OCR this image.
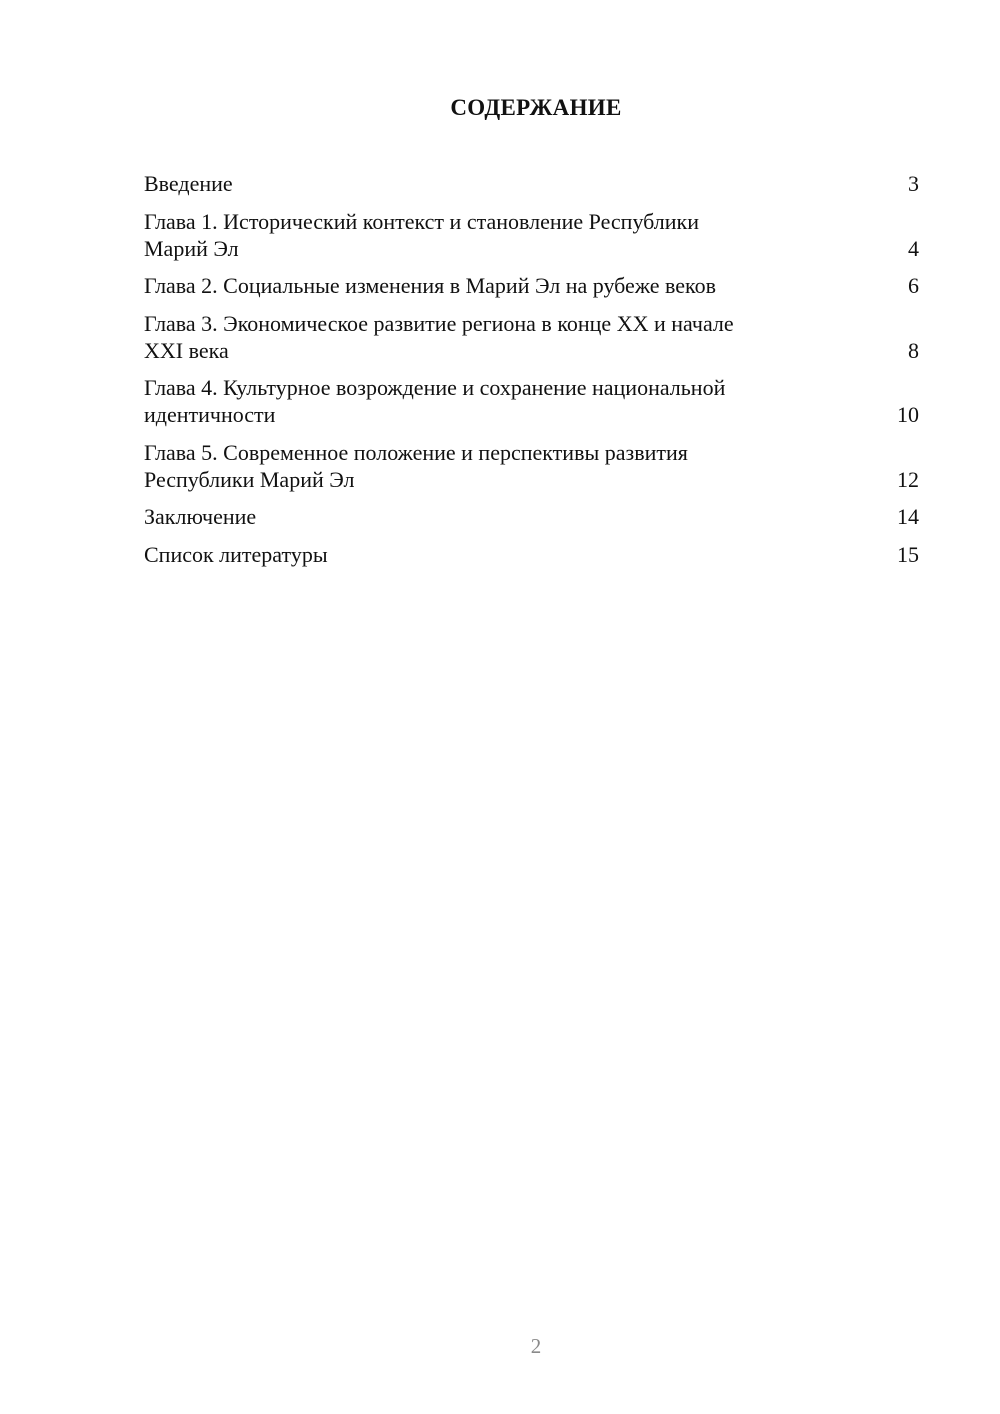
СОДЕРЖАНИЕ
Введение	3
Глава 1. Исторический контекст и становление Республики
Марий Эл	4
Глава 2. Социальные изменения в Марий Эл на рубеже веков	6
Глава 3. Экономическое развитие региона в конце XX и начале
XXI века	8
Глава 4. Культурное возрождение и сохранение национальной
идентичности	10
Глава 5. Современное положение и перспективы развития
Республики Марий Эл	12
Заключение	14
Список литературы	15
2
